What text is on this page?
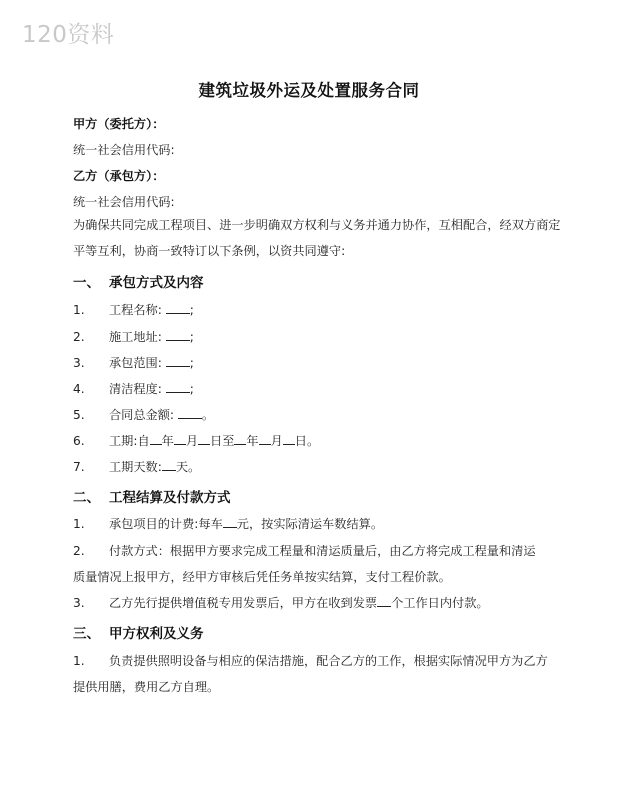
120资料
建筑垃圾外运及处置服务合同
甲方（委托方）：
统一社会信用代码:
乙方（承包方）：
统一社会信用代码:
为确保共同完成工程项目、进一步明确双方权利与义务并通力协作，互相配合，经双方商定平等互利，协商一致特订以下条例，以资共同遵守:
一、 承包方式及内容
1. 工程名称: ;
2. 施工地址: ;
3. 承包范围: ;
4. 清洁程度: ;
5. 合同总金额: 。
6. 工期:自 年 月 日至 年 月 日。
7. 工期天数: 天。
二、 工程结算及付款方式
1. 承包项目的计费:每车 元，按实际清运车数结算。
2. 付款方式：根据甲方要求完成工程量和清运质量后，由乙方将完成工程量和清运
质量情况上报甲方，经甲方审核后凭任务单按实结算，支付工程价款。
3. 乙方先行提供增值税专用发票后，甲方在收到发票 个工作日内付款。
三、 甲方权利及义务
1. 负责提供照明设备与相应的保洁措施，配合乙方的工作，根据实际情况甲方为乙方
提供用膳，费用乙方自理。
